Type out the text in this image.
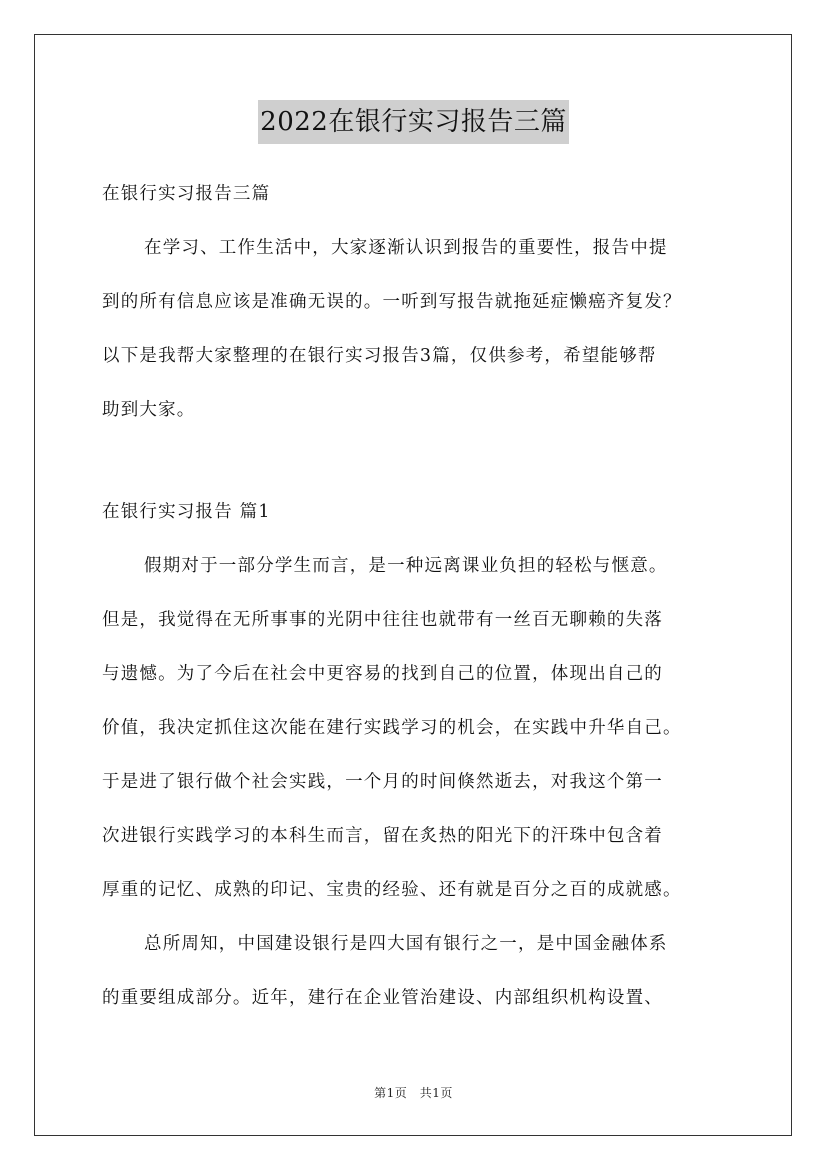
2022在银行实习报告三篇
在银行实习报告三篇
在学习、工作生活中，大家逐渐认识到报告的重要性，报告中提
到的所有信息应该是准确无误的。一听到写报告就拖延症懒癌齐复发？
以下是我帮大家整理的在银行实习报告3篇，仅供参考，希望能够帮
助到大家。
在银行实习报告 篇1
假期对于一部分学生而言，是一种远离课业负担的轻松与惬意。
但是，我觉得在无所事事的光阴中往往也就带有一丝百无聊赖的失落
与遗憾。为了今后在社会中更容易的找到自己的位置，体现出自己的
价值，我决定抓住这次能在建行实践学习的机会，在实践中升华自己。
于是进了银行做个社会实践，一个月的时间倏然逝去，对我这个第一
次进银行实践学习的本科生而言，留在炙热的阳光下的汗珠中包含着
厚重的记忆、成熟的印记、宝贵的经验、还有就是百分之百的成就感。
总所周知，中国建设银行是四大国有银行之一，是中国金融体系
的重要组成部分。近年，建行在企业管治建设、内部组织机构设置、
第1页　共1页
